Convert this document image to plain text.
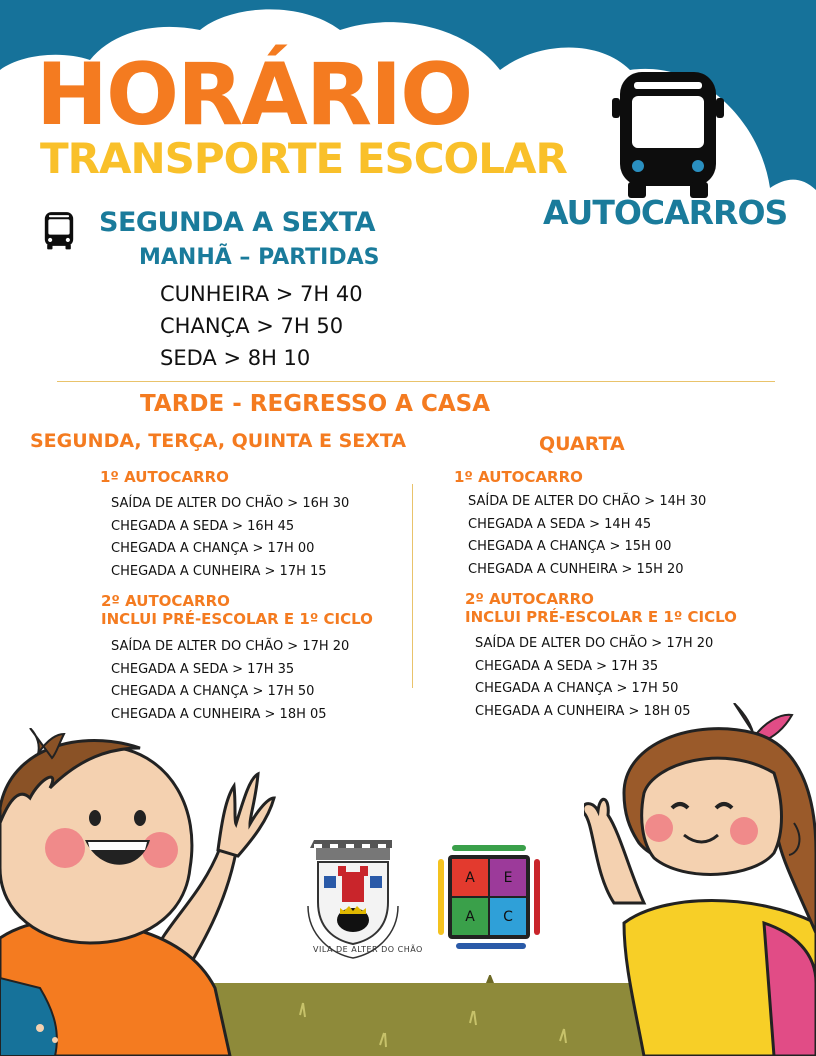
HORÁRIO
TRANSPORTE ESCOLAR
AUTOCARROS
SEGUNDA A SEXTA
MANHÃ – PARTIDAS
CUNHEIRA > 7H 40
CHANÇA > 7H 50
SEDA > 8H 10
TARDE - REGRESSO A CASA
SEGUNDA, TERÇA, QUINTA E SEXTA
1º AUTOCARRO
SAÍDA DE ALTER DO CHÃO > 16H 30
CHEGADA A SEDA > 16H 45
CHEGADA A CHANÇA > 17H 00
CHEGADA A CUNHEIRA > 17H 15
2º AUTOCARRO
INCLUI PRÉ-ESCOLAR E 1º CICLO
SAÍDA DE ALTER DO CHÃO > 17H 20
CHEGADA A SEDA > 17H 35
CHEGADA A CHANÇA > 17H 50
CHEGADA A CUNHEIRA > 18H 05
QUARTA
1º AUTOCARRO
SAÍDA DE ALTER DO CHÃO > 14H 30
CHEGADA A SEDA > 14H 45
CHEGADA A CHANÇA > 15H 00
CHEGADA A CUNHEIRA > 15H 20
2º AUTOCARRO
INCLUI PRÉ-ESCOLAR E 1º CICLO
SAÍDA DE ALTER DO CHÃO > 17H 20
CHEGADA A SEDA > 17H 35
CHEGADA A CHANÇA > 17H 50
CHEGADA A CUNHEIRA > 18H 05
VILA DE ALTER DO CHÃO
A	E
A	C
